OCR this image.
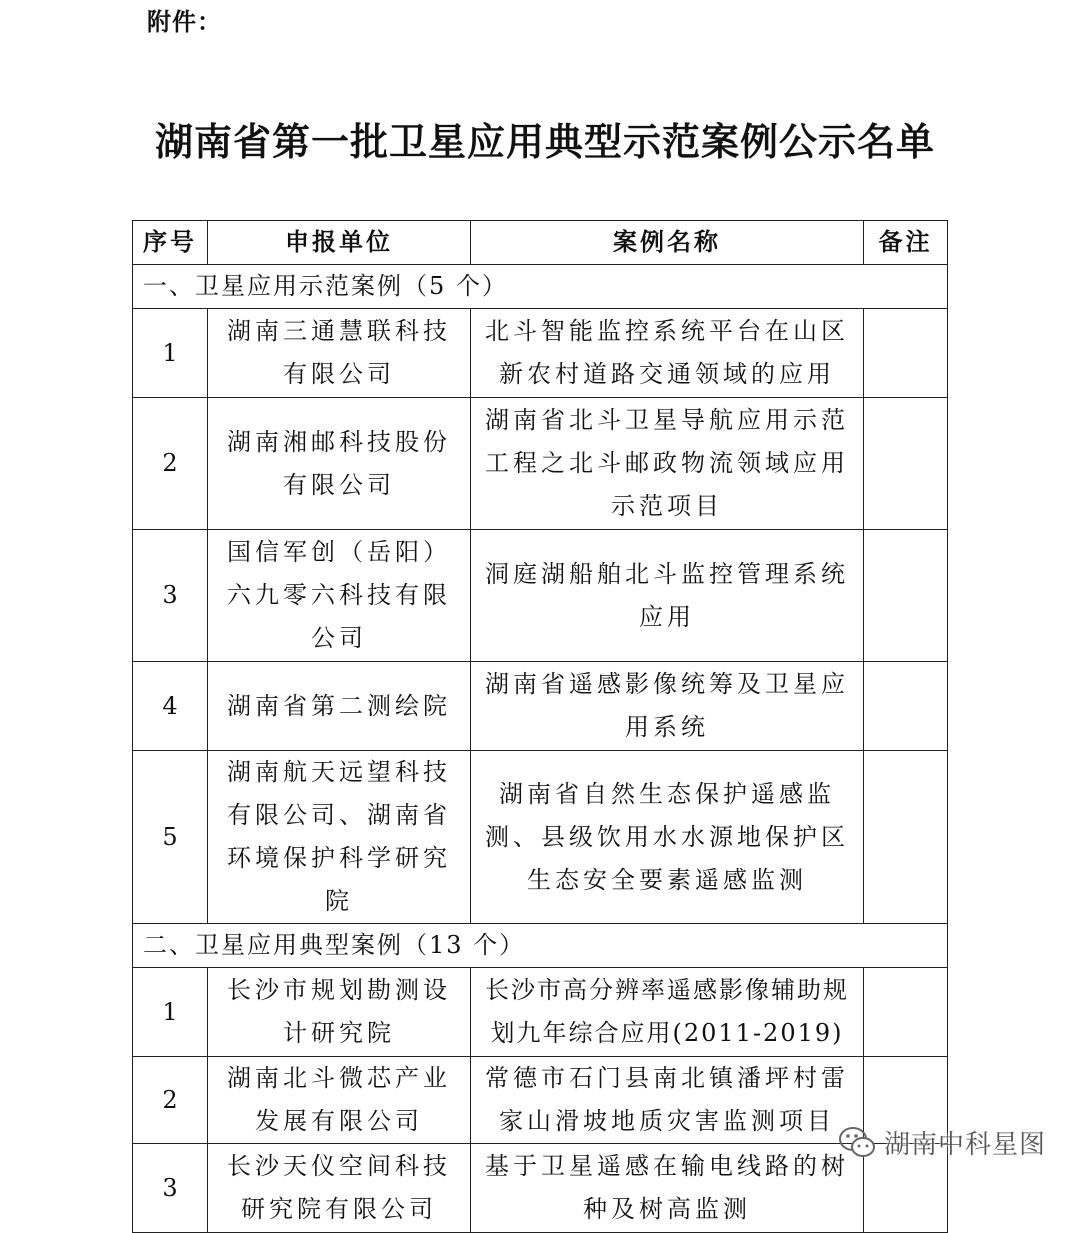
附件：
湖南省第一批卫星应用典型示范案例公示名单
序号	申报单位	案例名称	备注
一、卫星应用示范案例（5 个）			
1	湖南三通慧联科技有限公司	北斗智能监控系统平台在山区新农村道路交通领域的应用	

2	湖南湘邮科技股份有限公司	湖南省北斗卫星导航应用示范工程之北斗邮政物流领域应用示范项目	

3	国信军创（岳阳）六九零六科技有限公司	洞庭湖船舶北斗监控管理系统应用	

4	湖南省第二测绘院	湖南省遥感影像统筹及卫星应用系统	

5	湖南航天远望科技有限公司、湖南省环境保护科学研究院	湖南省自然生态保护遥感监测、县级饮用水水源地保护区生态安全要素遥感监测	

二、卫星应用典型案例（13 个）			
1	长沙市规划勘测设计研究院	长沙市高分辨率遥感影像辅助规划九年综合应用(2011-2019)	

2	湖南北斗微芯产业发展有限公司	常德市石门县南北镇潘坪村雷家山滑坡地质灾害监测项目	

3	长沙天仪空间科技研究院有限公司	基于卫星遥感在输电线路的树种及树高监测	

湖南中科星图
